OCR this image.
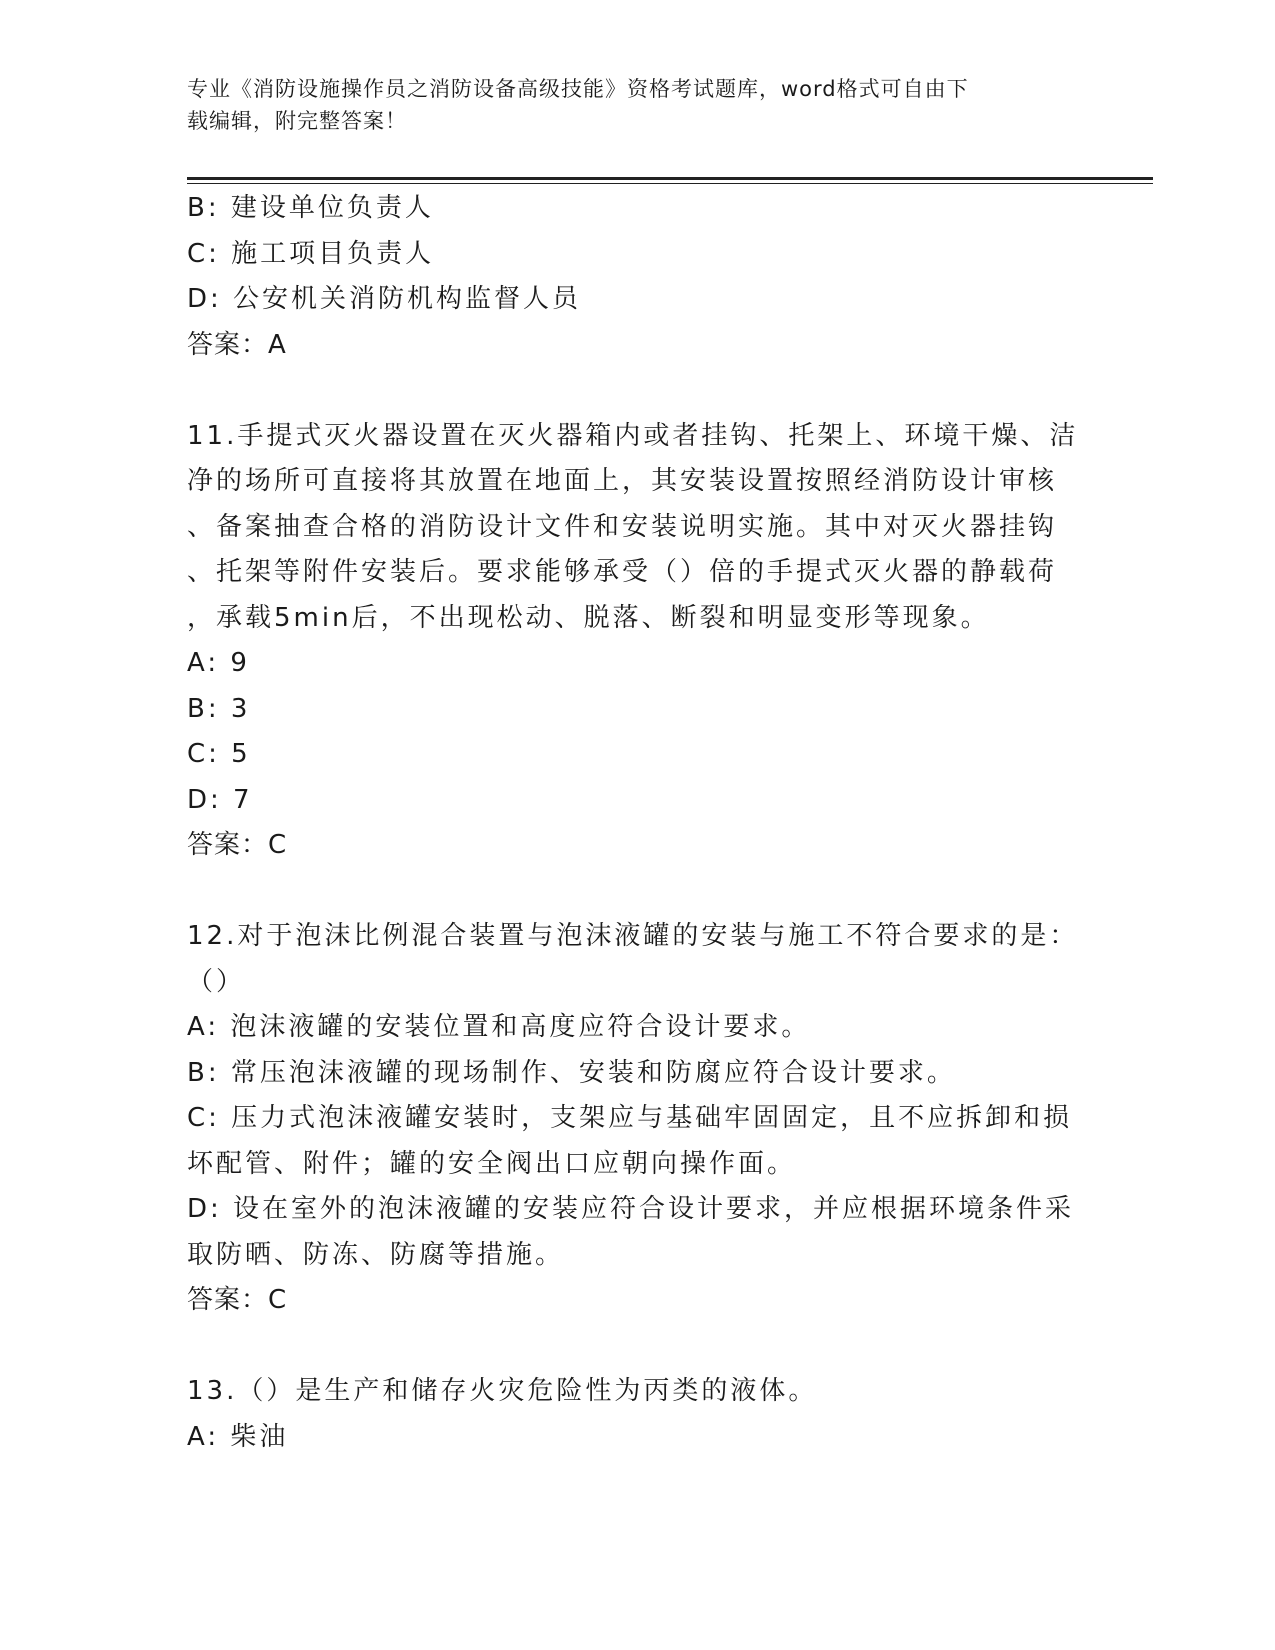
专业《消防设施操作员之消防设备高级技能》资格考试题库，word格式可自由下
载编辑，附完整答案！
B: 建设单位负责人
C: 施工项目负责人
D: 公安机关消防机构监督人员
答案：A
11.手提式灭火器设置在灭火器箱内或者挂钩、托架上、环境干燥、洁
净的场所可直接将其放置在地面上，其安装设置按照经消防设计审核
、备案抽查合格的消防设计文件和安装说明实施。其中对灭火器挂钩
、托架等附件安装后。要求能够承受（）倍的手提式灭火器的静载荷
，承载5min后，不出现松动、脱落、断裂和明显变形等现象。
A: 9
B: 3
C: 5
D: 7
答案：C
12.对于泡沫比例混合装置与泡沫液罐的安装与施工不符合要求的是：
（）
A: 泡沫液罐的安装位置和高度应符合设计要求。
B: 常压泡沫液罐的现场制作、安装和防腐应符合设计要求。
C: 压力式泡沫液罐安装时，支架应与基础牢固固定，且不应拆卸和损
坏配管、附件；罐的安全阀出口应朝向操作面。
D: 设在室外的泡沫液罐的安装应符合设计要求，并应根据环境条件采
取防晒、防冻、防腐等措施。
答案：C
13.（）是生产和储存火灾危险性为丙类的液体。
A: 柴油
